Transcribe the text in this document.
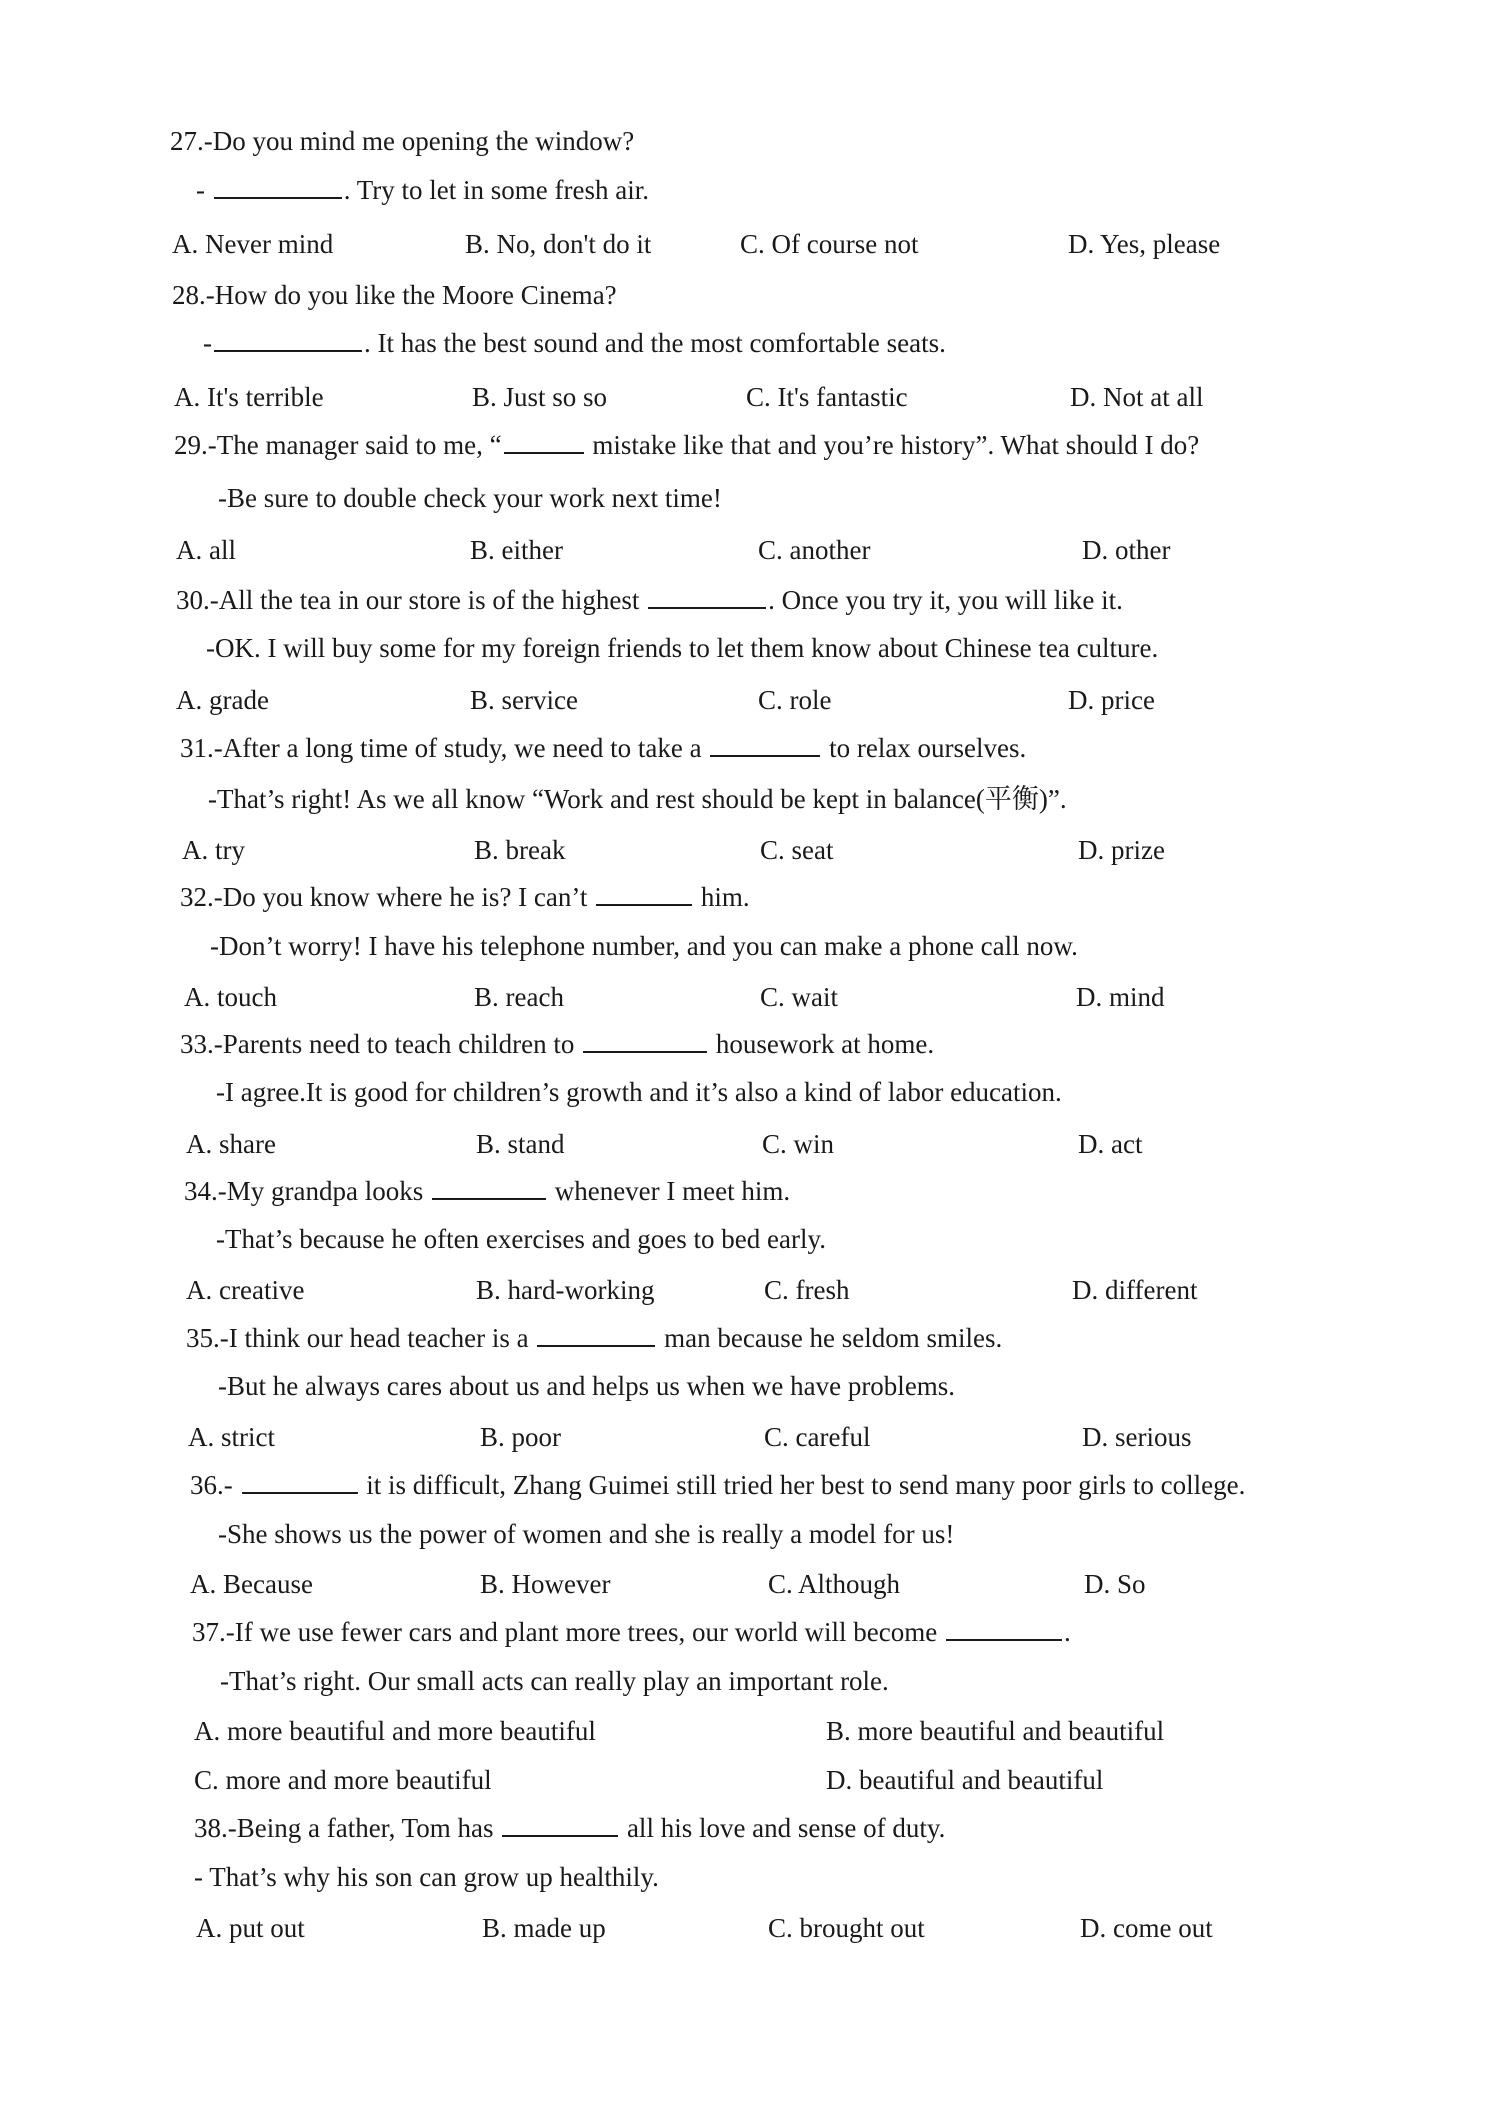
27.-Do you mind me opening the window?
-	. Try to let in some fresh air.
A. Never mind	B. No, don't do it	C. Of course not	D. Yes, please
28.-How do you like the Moore Cinema?
-	. It has the best sound and the most comfortable seats.
A. It's terrible	B. Just so so	C. It's fantastic	D. Not at all
29.-The manager said to me, “	mistake like that and you’re history”. What should I do?
-Be sure to double check your work next time!
A. all	B. either	C. another	D. other
30.-All the tea in our store is of the highest	. Once you try it, you will like it.
-OK. I will buy some for my foreign friends to let them know about Chinese tea culture.
A. grade	B. service	C. role	D. price
31.-After a long time of study, we need to take a	to relax ourselves.
-That’s right! As we all know “Work and rest should be kept in balance(平衡)”.
A. try	B. break	C. seat	D. prize
32.-Do you know where he is? I can’t	him.
-Don’t worry! I have his telephone number, and you can make a phone call now.
A. touch	B. reach	C. wait	D. mind
33.-Parents need to teach children to	housework at home.
-I agree.It is good for children’s growth and it’s also a kind of labor education.
A. share	B. stand	C. win	D. act
34.-My grandpa looks	whenever I meet him.
-That’s because he often exercises and goes to bed early.
A. creative	B. hard-working	C. fresh	D. different
35.-I think our head teacher is a	man because he seldom smiles.
-But he always cares about us and helps us when we have problems.
A. strict	B. poor	C. careful	D. serious
36.-	it is difficult, Zhang Guimei still tried her best to send many poor girls to college.
-She shows us the power of women and she is really a model for us!
A. Because	B. However	C. Although	D. So
37.-If we use fewer cars and plant more trees, our world will become	.
-That’s right. Our small acts can really play an important role.
A. more beautiful and more beautiful	B. more beautiful and beautiful
C. more and more beautiful	D. beautiful and beautiful
38.-Being a father, Tom has	all his love and sense of duty.
- That’s why his son can grow up healthily.
A. put out	B. made up	C. brought out	D. come out
